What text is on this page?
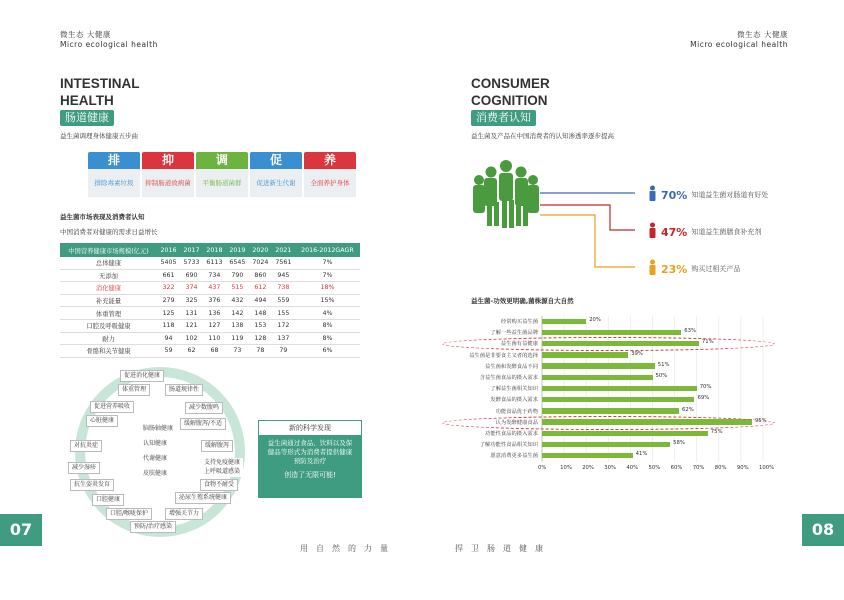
微生态 大健康
Micro ecological health
微生态 大健康
Micro ecological health
INTESTINAL
HEALTH
肠道健康
益生菌调理身体健康五步曲
排
排除毒素垃圾
抑
抑制肠道致病菌
调
平衡肠道菌群
促
促进新生代谢
养
全面养护身体
益生菌市场表现及消费者认知
中国消费者对健康的需求日益增长
中国营养健康市场规模(亿元)	2016	2017	2018	2019	2020	2021	2016-2012GAGR
总体健康	5405	5733	6113	6545	7024	7561	7%
无添加	661	690	734	790	860	945	7%
消化健康	322	374	437	515	612	738	18%
补充能量	279	325	376	432	494	559	15%
体重管理	125	131	136	142	148	155	4%
口腔及呼吸健康	118	121	127	138	153	172	8%
耐力	94	102	110	119	128	137	8%
骨骼和关节健康	59	62	68	73	78	79	6%
促进消化健康
体重管理	肠道规律性
促进营养吸收	减少数腹鸣
心脏健康
对抗炎症
减少湿疹
抗生姿炎发育
口腔健康
口腔/喉咙保护
预防/治疗感染
增强关节力
泌尿生殖系统健康
食物不耐受
缓解腹泻
缓解腹泻/不适
脑肠轴健康
认知健康
代谢健康
皮肤健康
支持免疫健康
上呼吸道感染
新的科学发现
益生菌通过食品、饮料以及保健品等形式为消费者提供健康预防及治疗
创造了无限可能!
07
用自然的力量
CONSUMER
COGNITION
消费者认知
益生菌及产品在中国消费者的认知渗透率逐步提高
70% 知道益生菌对肠道有好处
47% 知道益生菌膳食补充剂
23% 购买过相关产品
益生菌-功效更明确,菌株源自大自然
经常购买益生菌	20%
了解一些益生菌品牌	63%
益生菌有益健康	71%
益生菌是非要食主义者的选择	39%
益生菌和发酵食品不同	51%
含益生菌食品的摄入需求	50%
了解益生菌相关知识	70%
发酵食品的摄入需求	69%
功能食品优于药物	62%
认为发酵健康食品	95%
功能性食品的摄入需求	75%
了解功能性食品相关知识	58%
愿意消费更多益生菌	41%
0%	10% 20% 30% 40% 50% 60% 70% 80% 90% 100%
08
捍卫肠道健康
